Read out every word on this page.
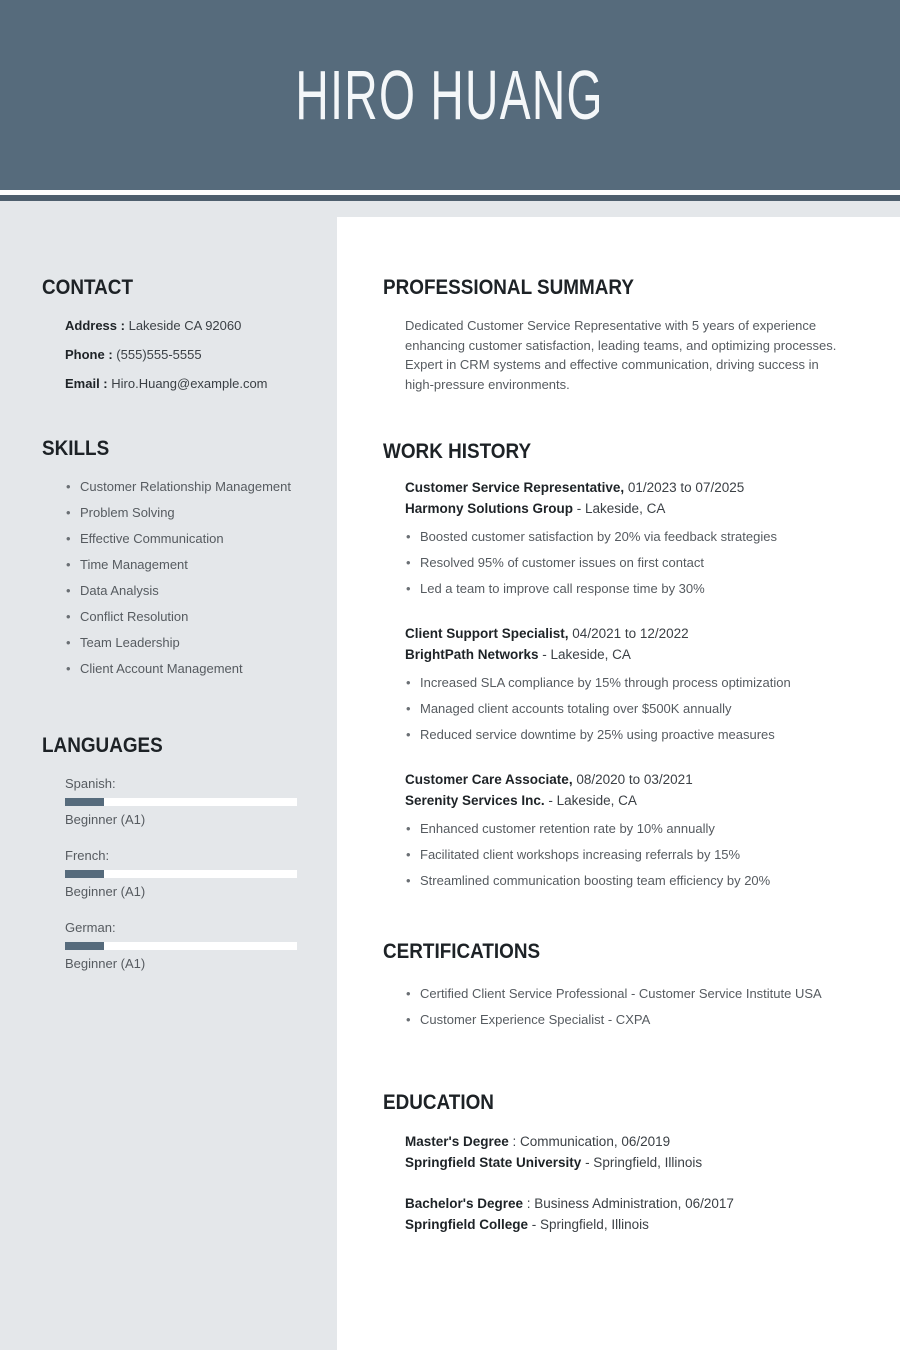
HIRO HUANG
CONTACT
Address : Lakeside CA 92060
Phone : (555)555-5555
Email : Hiro.Huang@example.com
SKILLS
• Customer Relationship Management
• Problem Solving
• Effective Communication
• Time Management
• Data Analysis
• Conflict Resolution
• Team Leadership
• Client Account Management
LANGUAGES
Spanish:
Beginner (A1)
French:
Beginner (A1)
German:
Beginner (A1)
PROFESSIONAL SUMMARY

Dedicated Customer Service Representative with 5 years of experience enhancing customer satisfaction, leading teams, and optimizing processes. Expert in CRM systems and effective communication, driving success in high-pressure environments.

WORK HISTORY
Customer Service Representative, 01/2023 to 07/2025
Harmony Solutions Group - Lakeside, CA
• Boosted customer satisfaction by 20% via feedback strategies
• Resolved 95% of customer issues on first contact
• Led a team to improve call response time by 30%
Client Support Specialist, 04/2021 to 12/2022
BrightPath Networks - Lakeside, CA
• Increased SLA compliance by 15% through process optimization
• Managed client accounts totaling over $500K annually
• Reduced service downtime by 25% using proactive measures
Customer Care Associate, 08/2020 to 03/2021
Serenity Services Inc. - Lakeside, CA
• Enhanced customer retention rate by 10% annually
• Facilitated client workshops increasing referrals by 15%
• Streamlined communication boosting team efficiency by 20%
CERTIFICATIONS
• Certified Client Service Professional - Customer Service Institute USA
• Customer Experience Specialist - CXPA
EDUCATION
Master's Degree : Communication, 06/2019
Springfield State University - Springfield, Illinois
Bachelor's Degree : Business Administration, 06/2017
Springfield College - Springfield, Illinois
